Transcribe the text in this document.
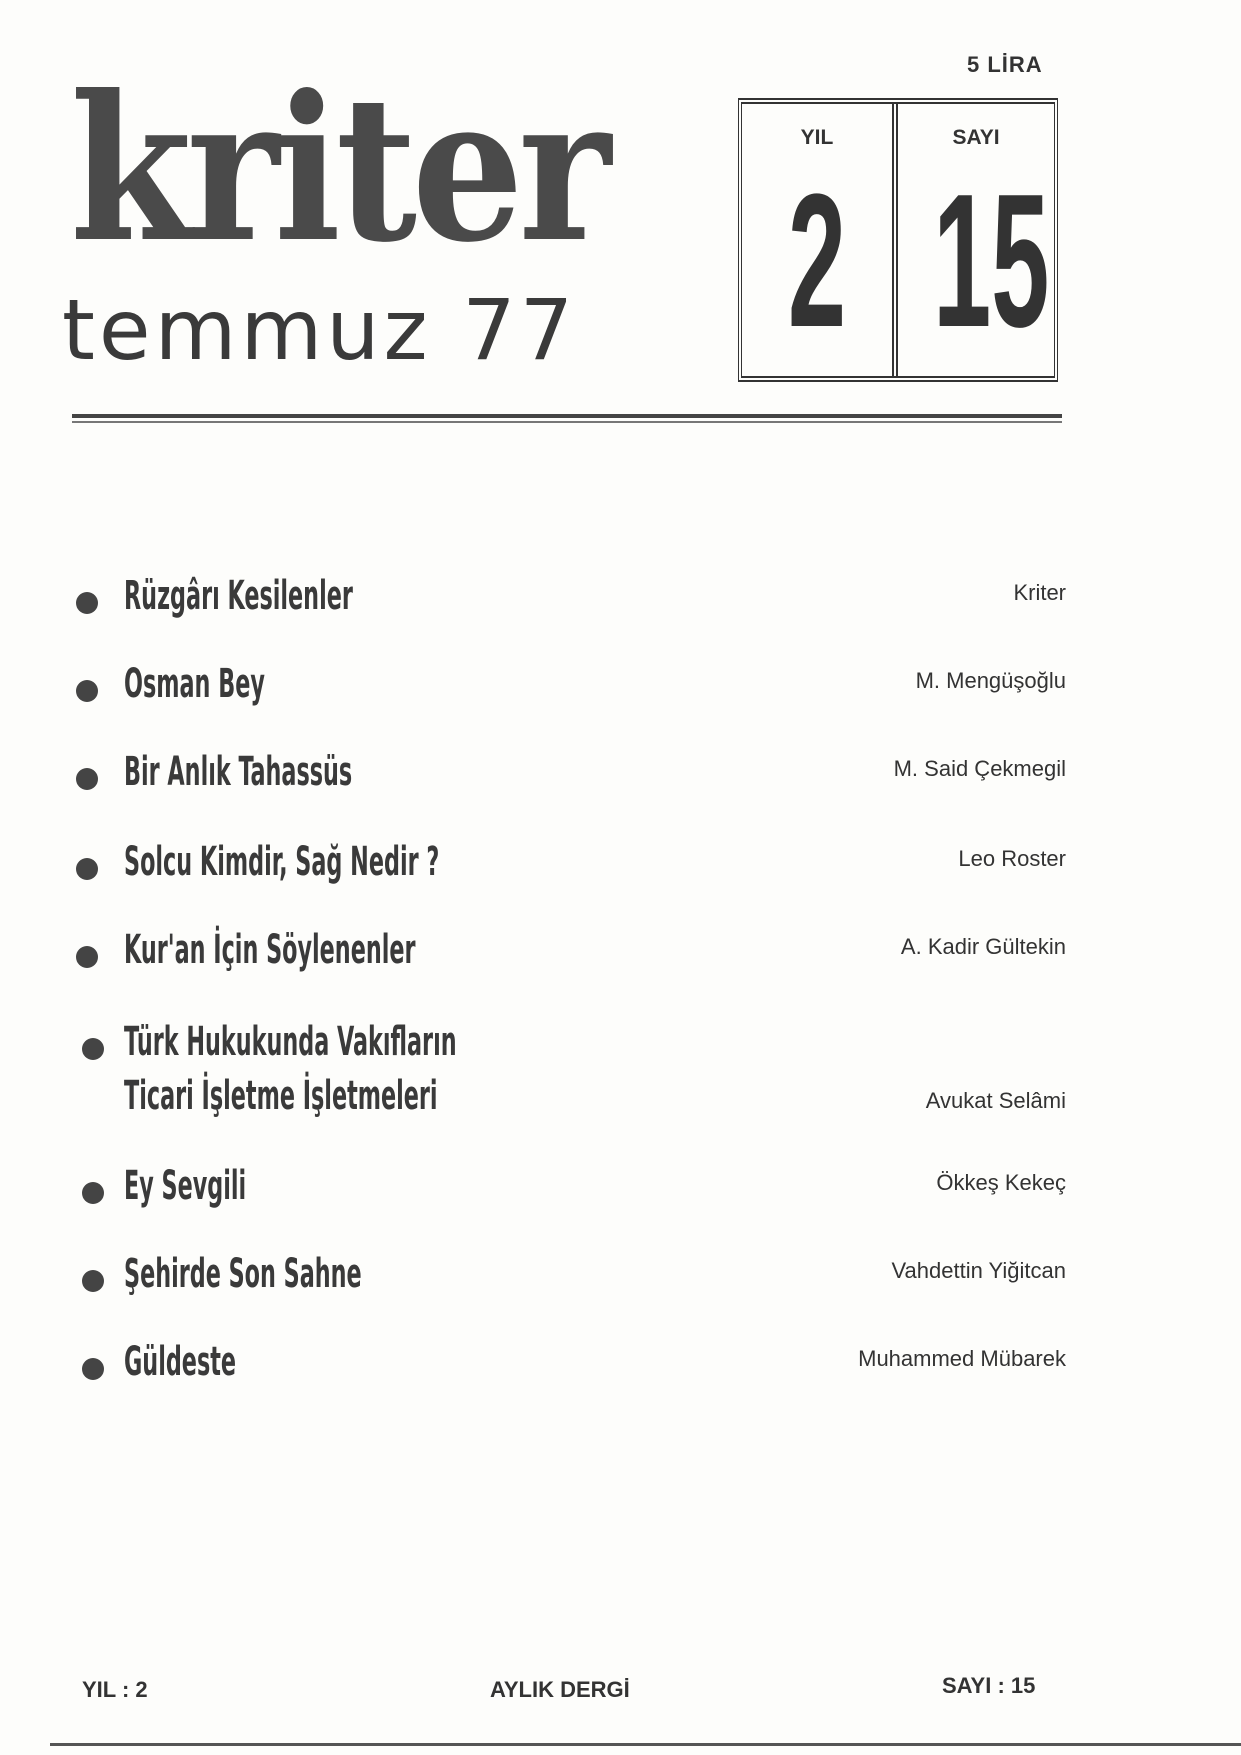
5 LİRA
kriter
temmuz 77
YIL
2
SAYI
15
Rüzgârı Kesilenler	Kriter
Osman Bey	M. Mengüşoğlu
Bir Anlık Tahassüs	M. Said Çekmegil
Solcu Kimdir, Sağ Nedir ?	Leo Roster
Kur'an İçin Söylenenler	A. Kadir Gültekin
Türk Hukukunda Vakıfların
Ticari İşletme İşletmeleri	Avukat Selâmi
Ey Sevgili	Ökkeş Kekeç
Şehirde Son Sahne	Vahdettin Yiğitcan
Güldeste	Muhammed Mübarek
YIL : 2	AYLIK DERGİ	SAYI : 15
